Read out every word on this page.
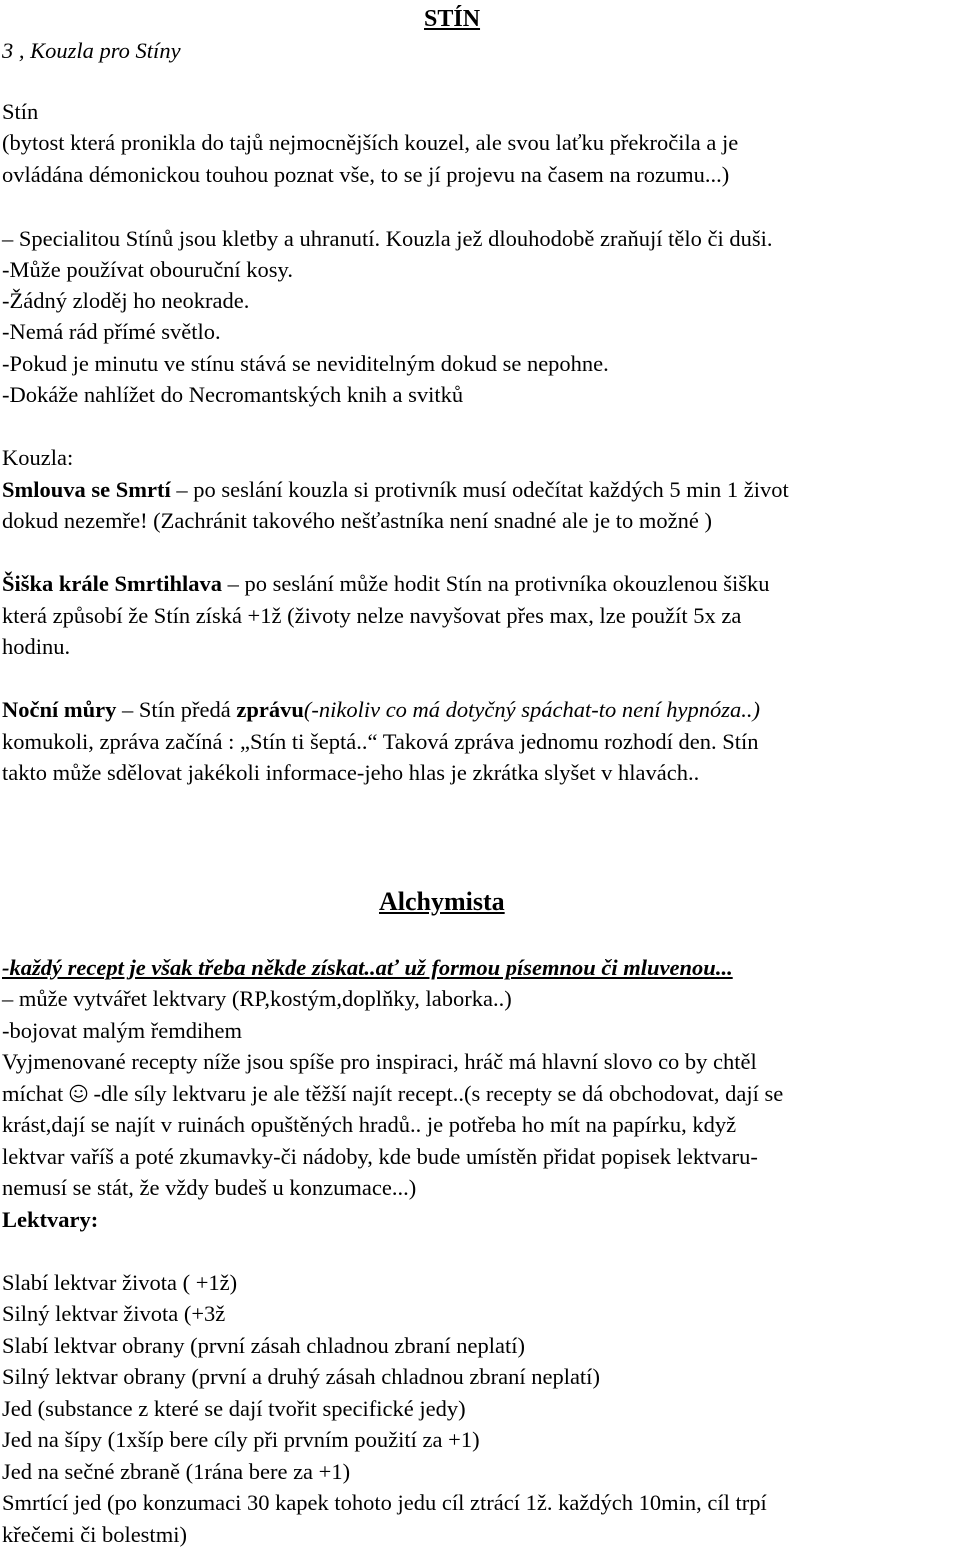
STÍN
3 , Kouzla pro Stíny
Stín
(bytost která pronikla do tajů nejmocnějších kouzel, ale svou laťku překročila a je
ovládána démonickou touhou poznat vše, to se jí projevu na časem na rozumu...)
– Specialitou Stínů jsou kletby a uhranutí. Kouzla jež dlouhodobě zraňují tělo či duši.
-Může používat obouruční kosy.
-Žádný zloděj ho neokrade.
-Nemá rád přímé světlo.
-Pokud je minutu ve stínu stává se neviditelným dokud se nepohne.
-Dokáže nahlížet do Necromantských knih a svitků
Kouzla:
Smlouva se Smrtí – po seslání kouzla si protivník musí odečítat každých 5 min 1 život
dokud nezemře! (Zachránit takového nešťastníka není snadné ale je to možné )
Šiška krále Smrtihlava – po seslání může hodit Stín na protivníka okouzlenou šišku
která způsobí že Stín získá +1ž (životy nelze navyšovat přes max, lze použít 5x za
hodinu.
Noční můry – Stín předá zprávu(-nikoliv co má dotyčný spáchat-to není hypnóza..)
komukoli, zpráva začíná : „Stín ti šeptá..“ Taková zpráva jednomu rozhodí den. Stín
takto může sdělovat jakékoli informace-jeho hlas je zkrátka slyšet v hlavách..
Alchymista
-každý recept je však třeba někde získat..ať už formou písemnou či mluvenou...
– může vytvářet lektvary (RP,kostým,doplňky, laborka..)
-bojovat malým řemdihem
Vyjmenované recepty níže jsou spíše pro inspiraci, hráč má hlavní slovo co by chtěl
míchat  -dle síly lektvaru je ale těžší najít recept..(s recepty se dá obchodovat, dají se
krást,dají se najít v ruinách opuštěných hradů.. je potřeba ho mít na papírku, když
lektvar vaříš a poté zkumavky-či nádoby, kde bude umístěn přidat popisek lektvaru-
nemusí se stát, že vždy budeš u konzumace...)
Lektvary:
Slabí lektvar života ( +1ž)
Silný lektvar života (+3ž
Slabí lektvar obrany (první zásah chladnou zbraní neplatí)
Silný lektvar obrany (první a druhý zásah chladnou zbraní neplatí)
Jed (substance z které se dají tvořit specifické jedy)
Jed na šípy (1xšíp bere cíly při prvním použití za +1)
Jed na sečné zbraně (1rána bere za +1)
Smrtící jed (po konzumaci 30 kapek tohoto jedu cíl ztrácí 1ž. každých 10min, cíl trpí
křečemi či bolestmi)
